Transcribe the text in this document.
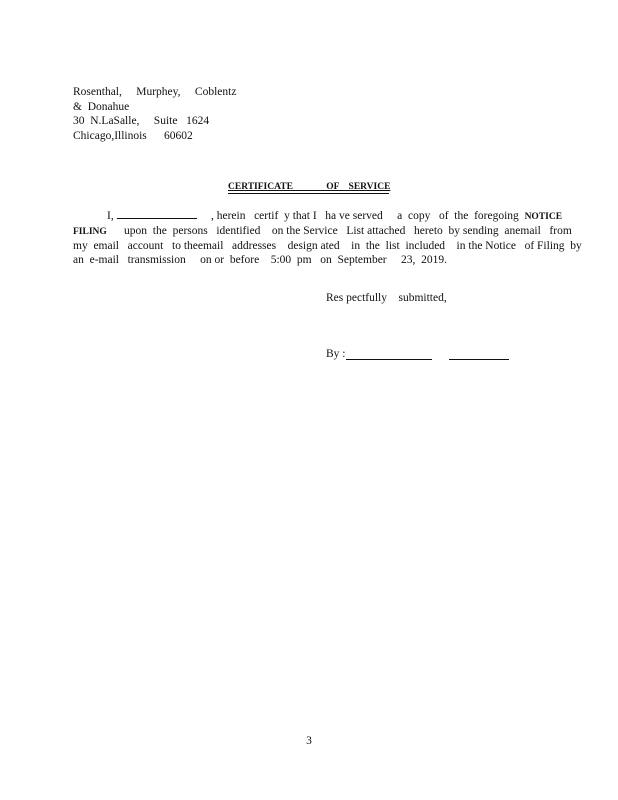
Rosenthal,     Murphey,     Coblentz
&  Donahue
30  N.LaSalle,     Suite   1624
Chicago,Illinois      60602
CERTIFICATE              OF    SERVICE
I,	, herein   certif  y that I   ha ve served     a  copy   of  the  foregoing  NOTICE
FILING      upon  the  persons   identified    on the Service   List attached   hereto  by sending  anemail   from
my  email   account   to theemail   addresses    design ated    in  the  list  included    in the Notice   of Filing  by
an  e-mail   transmission     on or  before    5:00  pm   on  September     23,  2019.
Res pectfully    submitted,
By :
3
